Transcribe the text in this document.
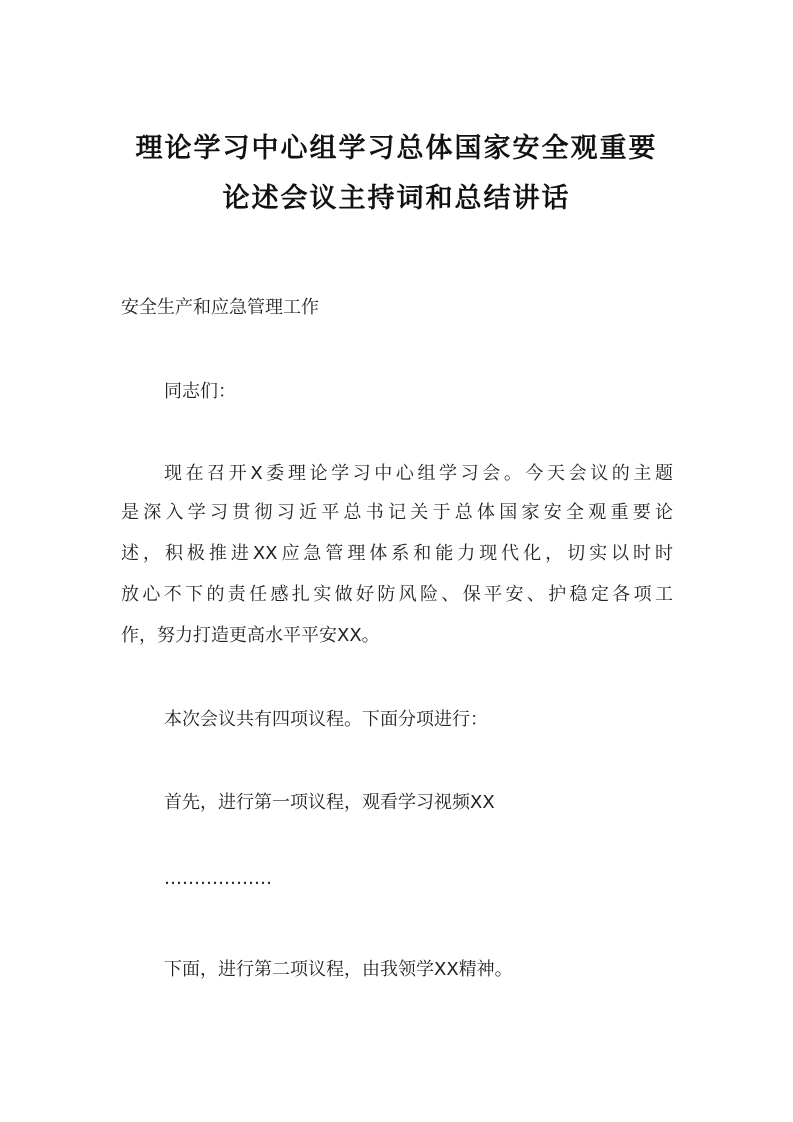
理论学习中心组学习总体国家安全观重要
论述会议主持词和总结讲话

安全生产和应急管理工作

同志们：

现在召开X委理论学习中心组学习会。今天会议的主题

是深入学习贯彻习近平总书记关于总体国家安全观重要论

述，积极推进XX应急管理体系和能力现代化，切实以时时

放心不下的责任感扎实做好防风险、保平安、护稳定各项工

作，努力打造更高水平平安XX。

本次会议共有四项议程。下面分项进行：

首先，进行第一项议程，观看学习视频XX

………………

下面，进行第二项议程，由我领学XX精神。
